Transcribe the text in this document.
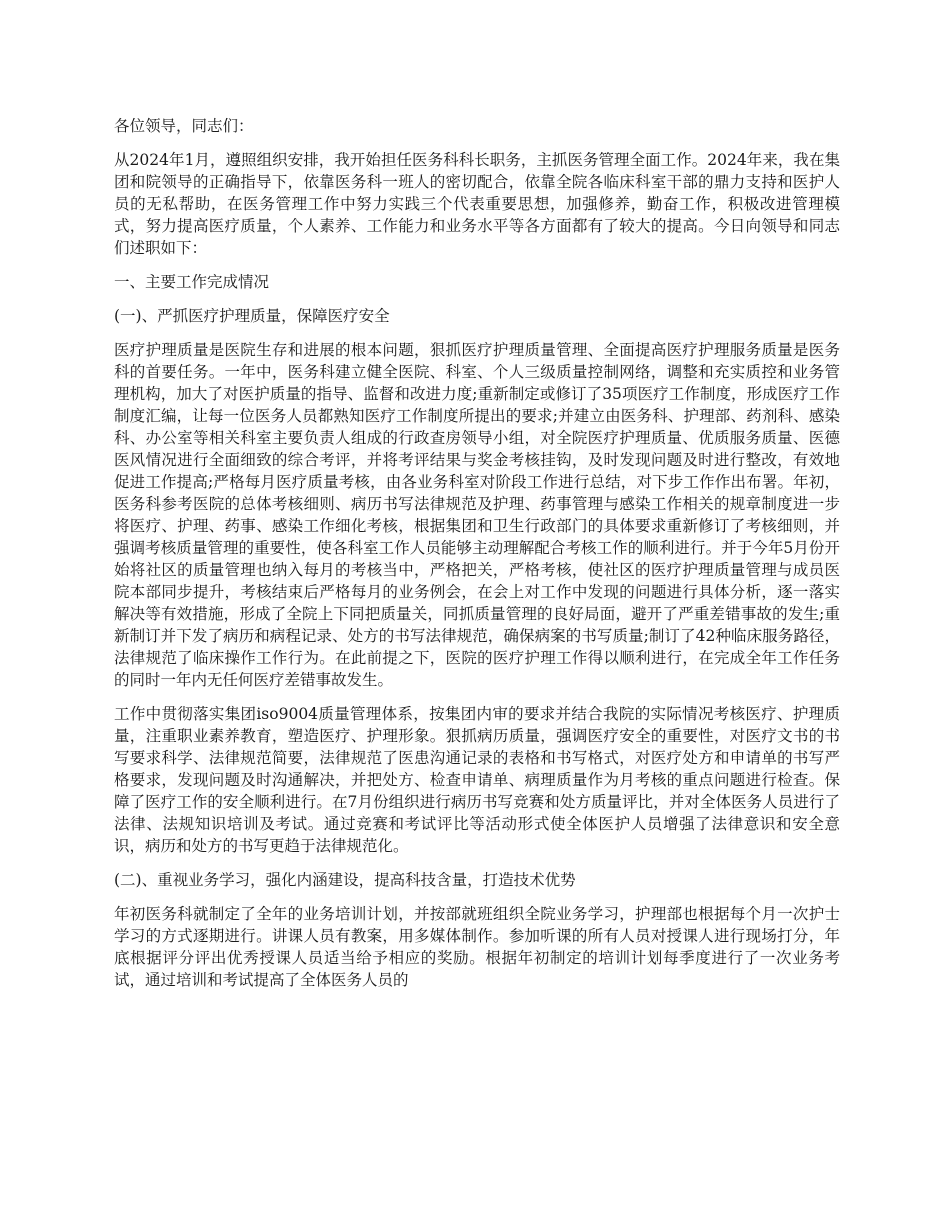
各位领导，同志们：

从2024年1月，遵照组织安排，我开始担任医务科科长职务，主抓医务管理全面工作。2024年来，我在集团和院领导的正确指导下，依靠医务科一班人的密切配合，依靠全院各临床科室干部的鼎力支持和医护人员的无私帮助，在医务管理工作中努力实践三个代表重要思想，加强修养，勤奋工作，积极改进管理模式，努力提高医疗质量，个人素养、工作能力和业务水平等各方面都有了较大的提高。今日向领导和同志们述职如下：

一、主要工作完成情况

(一)、严抓医疗护理质量，保障医疗安全

医疗护理质量是医院生存和进展的根本问题，狠抓医疗护理质量管理、全面提高医疗护理服务质量是医务科的首要任务。一年中，医务科建立健全医院、科室、个人三级质量控制网络，调整和充实质控和业务管理机构，加大了对医护质量的指导、监督和改进力度;重新制定或修订了35项医疗工作制度，形成医疗工作制度汇编，让每一位医务人员都熟知医疗工作制度所提出的要求;并建立由医务科、护理部、药剂科、感染科、办公室等相关科室主要负责人组成的行政查房领导小组，对全院医疗护理质量、优质服务质量、医德医风情况进行全面细致的综合考评，并将考评结果与奖金考核挂钩，及时发现问题及时进行整改，有效地促进工作提高;严格每月医疗质量考核，由各业务科室对阶段工作进行总结，对下步工作作出布署。年初，医务科参考医院的总体考核细则、病历书写法律规范及护理、药事管理与感染工作相关的规章制度进一步将医疗、护理、药事、感染工作细化考核，根据集团和卫生行政部门的具体要求重新修订了考核细则，并强调考核质量管理的重要性，使各科室工作人员能够主动理解配合考核工作的顺利进行。并于今年5月份开始将社区的质量管理也纳入每月的考核当中，严格把关，严格考核，使社区的医疗护理质量管理与成员医院本部同步提升，考核结束后严格每月的业务例会，在会上对工作中发现的问题进行具体分析，逐一落实解决等有效措施，形成了全院上下同把质量关，同抓质量管理的良好局面，避开了严重差错事故的发生;重新制订并下发了病历和病程记录、处方的书写法律规范，确保病案的书写质量;制订了42种临床服务路径，法律规范了临床操作工作行为。在此前提之下，医院的医疗护理工作得以顺利进行，在完成全年工作任务的同时一年内无任何医疗差错事故发生。

工作中贯彻落实集团iso9004质量管理体系，按集团内审的要求并结合我院的实际情况考核医疗、护理质量，注重职业素养教育，塑造医疗、护理形象。狠抓病历质量，强调医疗安全的重要性，对医疗文书的书写要求科学、法律规范简要，法律规范了医患沟通记录的表格和书写格式，对医疗处方和申请单的书写严格要求，发现问题及时沟通解决，并把处方、检查申请单、病理质量作为月考核的重点问题进行检查。保障了医疗工作的安全顺利进行。在7月份组织进行病历书写竞赛和处方质量评比，并对全体医务人员进行了法律、法规知识培训及考试。通过竞赛和考试评比等活动形式使全体医护人员增强了法律意识和安全意识，病历和处方的书写更趋于法律规范化。

(二)、重视业务学习，强化内涵建设，提高科技含量，打造技术优势

年初医务科就制定了全年的业务培训计划，并按部就班组织全院业务学习，护理部也根据每个月一次护士学习的方式逐期进行。讲课人员有教案，用多媒体制作。参加听课的所有人员对授课人进行现场打分，年底根据评分评出优秀授课人员适当给予相应的奖励。根据年初制定的培训计划每季度进行了一次业务考试，通过培训和考试提高了全体医务人员的
